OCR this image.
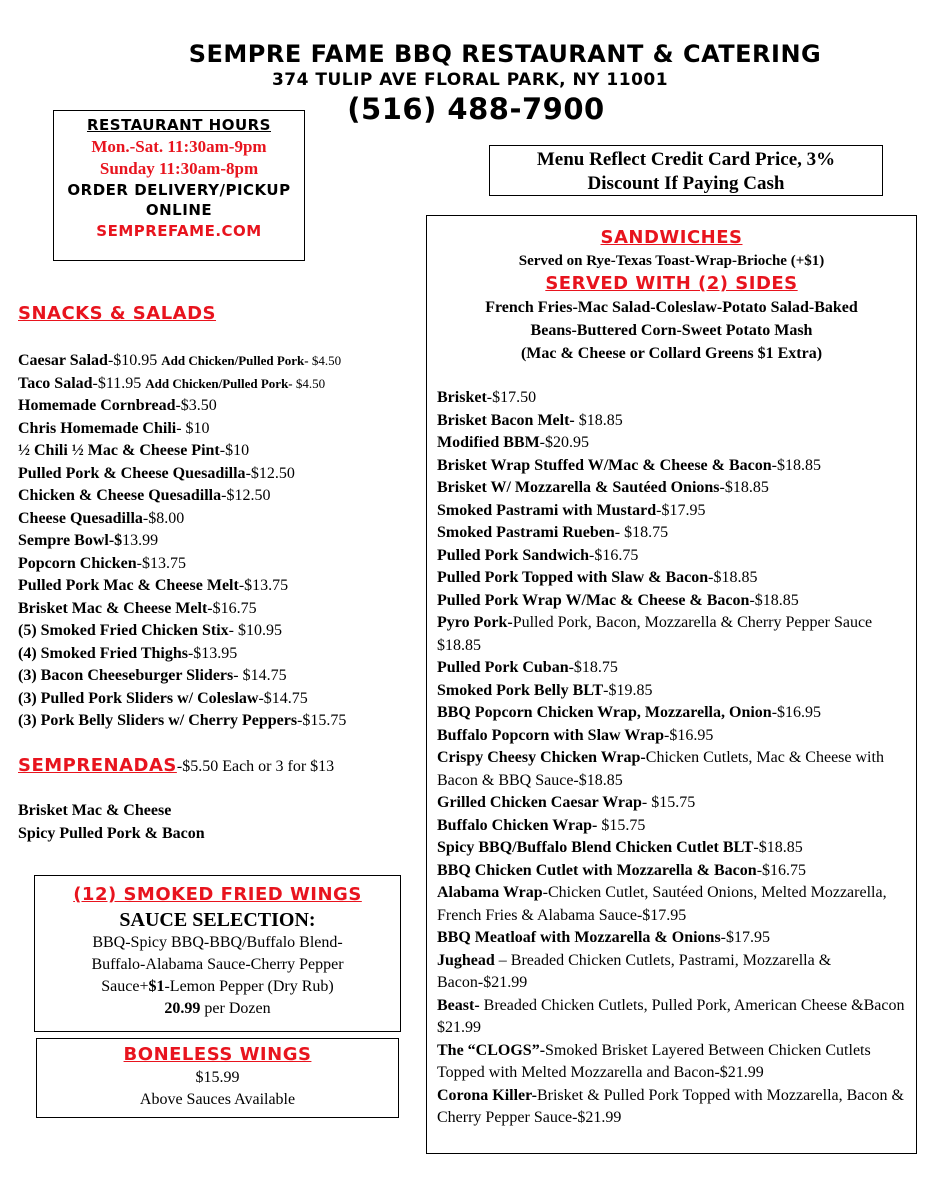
SEMPRE FAME BBQ RESTAURANT & CATERING
374 TULIP AVE FLORAL PARK, NY 11001
(516) 488-7900
RESTAURANT HOURS
Mon.-Sat. 11:30am-9pm
Sunday 11:30am-8pm
ORDER DELIVERY/PICKUP
ONLINE
SEMPREFAME.COM
Menu Reflect Credit Card Price, 3%
Discount If Paying Cash
SNACKS & SALADS
Caesar Salad-$10.95 Add Chicken/Pulled Pork- $4.50
Taco Salad-$11.95 Add Chicken/Pulled Pork- $4.50
Homemade Cornbread-$3.50
Chris Homemade Chili- $10
½ Chili ½ Mac & Cheese Pint-$10
Pulled Pork & Cheese Quesadilla-$12.50
Chicken & Cheese Quesadilla-$12.50
Cheese Quesadilla-$8.00
Sempre Bowl-$13.99
Popcorn Chicken-$13.75
Pulled Pork Mac & Cheese Melt-$13.75
Brisket Mac & Cheese Melt-$16.75
(5) Smoked Fried Chicken Stix- $10.95
(4) Smoked Fried Thighs-$13.95
(3) Bacon Cheeseburger Sliders- $14.75
(3) Pulled Pork Sliders w/ Coleslaw-$14.75
(3) Pork Belly Sliders w/ Cherry Peppers-$15.75
SEMPRENADAS-$5.50 Each or 3 for $13
Brisket Mac & Cheese
Spicy Pulled Pork & Bacon
(12) SMOKED FRIED WINGS
SAUCE SELECTION:
BBQ-Spicy BBQ-BBQ/Buffalo Blend-
Buffalo-Alabama Sauce-Cherry Pepper
Sauce+$1-Lemon Pepper (Dry Rub)
20.99 per Dozen
BONELESS WINGS
$15.99
Above Sauces Available
SANDWICHES
Served on Rye-Texas Toast-Wrap-Brioche (+$1)
SERVED WITH (2) SIDES
French Fries-Mac Salad-Coleslaw-Potato Salad-Baked
Beans-Buttered Corn-Sweet Potato Mash
(Mac & Cheese or Collard Greens $1 Extra)
Brisket-$17.50
Brisket Bacon Melt- $18.85
Modified BBM-$20.95
Brisket Wrap Stuffed W/Mac & Cheese & Bacon-$18.85
Brisket W/ Mozzarella & Sautéed Onions-$18.85
Smoked Pastrami with Mustard-$17.95
Smoked Pastrami Rueben- $18.75
Pulled Pork Sandwich-$16.75
Pulled Pork Topped with Slaw & Bacon-$18.85
Pulled Pork Wrap W/Mac & Cheese & Bacon-$18.85
Pyro Pork-Pulled Pork, Bacon, Mozzarella & Cherry Pepper Sauce $18.85
Pulled Pork Cuban-$18.75
Smoked Pork Belly BLT-$19.85
BBQ Popcorn Chicken Wrap, Mozzarella, Onion-$16.95
Buffalo Popcorn with Slaw Wrap-$16.95
Crispy Cheesy Chicken Wrap-Chicken Cutlets, Mac & Cheese with Bacon & BBQ Sauce-$18.85
Grilled Chicken Caesar Wrap- $15.75
Buffalo Chicken Wrap- $15.75
Spicy BBQ/Buffalo Blend Chicken Cutlet BLT-$18.85
BBQ Chicken Cutlet with Mozzarella & Bacon-$16.75
Alabama Wrap-Chicken Cutlet, Sautéed Onions, Melted Mozzarella, French Fries & Alabama Sauce-$17.95
BBQ Meatloaf with Mozzarella & Onions-$17.95
Jughead – Breaded Chicken Cutlets, Pastrami, Mozzarella & Bacon-$21.99
Beast- Breaded Chicken Cutlets, Pulled Pork, American Cheese &Bacon $21.99
The “CLOGS”-Smoked Brisket Layered Between Chicken Cutlets Topped with Melted Mozzarella and Bacon-$21.99
Corona Killer-Brisket & Pulled Pork Topped with Mozzarella, Bacon & Cherry Pepper Sauce-$21.99
